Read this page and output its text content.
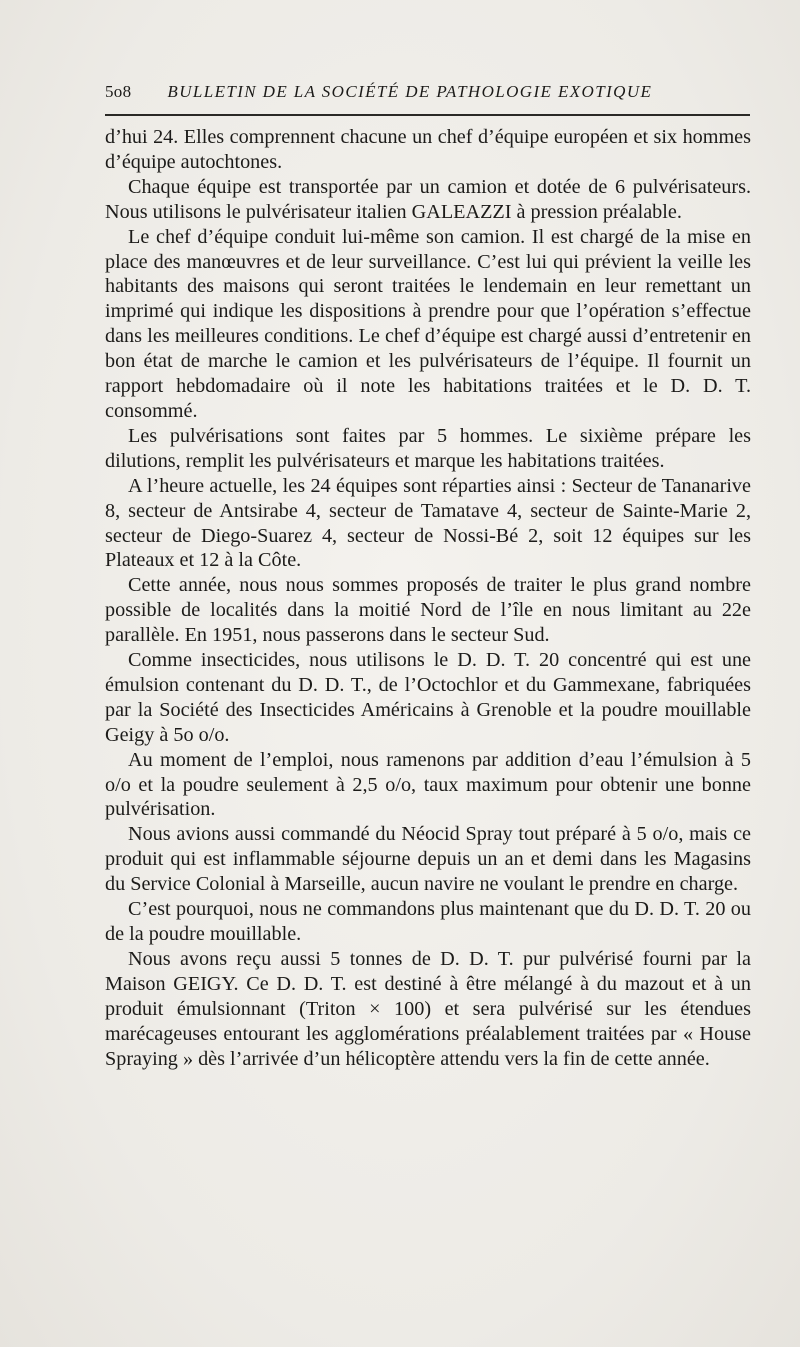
5o8 BULLETIN DE LA SOCIÉTÉ DE PATHOLOGIE EXOTIQUE

d’hui 24. Elles comprennent chacune un chef d’équipe européen et six hommes d’équipe autochtones.

Chaque équipe est transportée par un camion et dotée de 6 pulvérisateurs. Nous utilisons le pulvérisateur italien GALEAZZI à pression préalable.

Le chef d’équipe conduit lui-même son camion. Il est chargé de la mise en place des manœuvres et de leur surveillance. C’est lui qui prévient la veille les habitants des maisons qui seront traitées le lendemain en leur remettant un imprimé qui indique les dispositions à prendre pour que l’opération s’effectue dans les meilleures conditions. Le chef d’équipe est chargé aussi d’entretenir en bon état de marche le camion et les pulvérisateurs de l’équipe. Il fournit un rapport hebdomadaire où il note les habitations traitées et le D. D. T. consommé.

Les pulvérisations sont faites par 5 hommes. Le sixième prépare les dilutions, remplit les pulvérisateurs et marque les habitations traitées.

A l’heure actuelle, les 24 équipes sont réparties ainsi : Secteur de Tananarive 8, secteur de Antsirabe 4, secteur de Tamatave 4, secteur de Sainte-Marie 2, secteur de Diego-Suarez 4, secteur de Nossi-Bé 2, soit 12 équipes sur les Plateaux et 12 à la Côte.

Cette année, nous nous sommes proposés de traiter le plus grand nombre possible de localités dans la moitié Nord de l’île en nous limitant au 22e parallèle. En 1951, nous passerons dans le secteur Sud.

Comme insecticides, nous utilisons le D. D. T. 20 concentré qui est une émulsion contenant du D. D. T., de l’Octochlor et du Gammexane, fabriquées par la Société des Insecticides Américains à Grenoble et la poudre mouillable Geigy à 5o o/o.

Au moment de l’emploi, nous ramenons par addition d’eau l’émulsion à 5 o/o et la poudre seulement à 2,5 o/o, taux maximum pour obtenir une bonne pulvérisation.

Nous avions aussi commandé du Néocid Spray tout préparé à 5 o/o, mais ce produit qui est inflammable séjourne depuis un an et demi dans les Magasins du Service Colonial à Marseille, aucun navire ne voulant le prendre en charge.

C’est pourquoi, nous ne commandons plus maintenant que du D. D. T. 20 ou de la poudre mouillable.

Nous avons reçu aussi 5 tonnes de D. D. T. pur pulvérisé fourni par la Maison GEIGY. Ce D. D. T. est destiné à être mélangé à du mazout et à un produit émulsionnant (Triton × 100) et sera pulvérisé sur les étendues marécageuses entourant les agglomérations préalablement traitées par « House Spraying » dès l’arrivée d’un hélicoptère attendu vers la fin de cette année.
